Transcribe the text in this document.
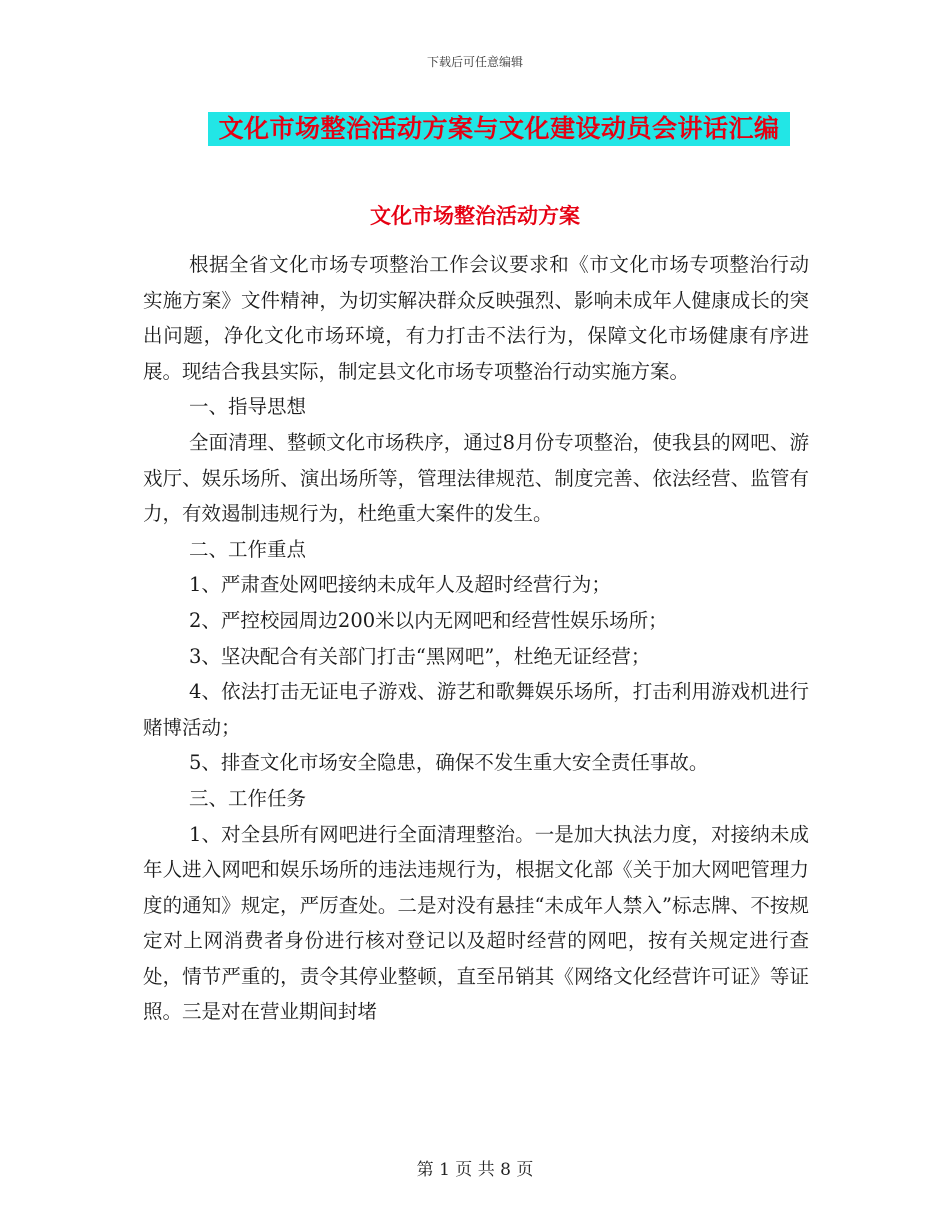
下载后可任意编辑
文化市场整治活动方案与文化建设动员会讲话汇编
文化市场整治活动方案

根据全省文化市场专项整治工作会议要求和《市文化市场专项整治行动实施方案》文件精神，为切实解决群众反映强烈、影响未成年人健康成长的突出问题，净化文化市场环境，有力打击不法行为，保障文化市场健康有序进展。现结合我县实际，制定县文化市场专项整治行动实施方案。

一、指导思想

全面清理、整顿文化市场秩序，通过8月份专项整治，使我县的网吧、游戏厅、娱乐场所、演出场所等，管理法律规范、制度完善、依法经营、监管有力，有效遏制违规行为，杜绝重大案件的发生。

二、工作重点

1、严肃查处网吧接纳未成年人及超时经营行为；

2、严控校园周边200米以内无网吧和经营性娱乐场所；

3、坚决配合有关部门打击“黑网吧”，杜绝无证经营；

4、依法打击无证电子游戏、游艺和歌舞娱乐场所，打击利用游戏机进行赌博活动；

5、排查文化市场安全隐患，确保不发生重大安全责任事故。

三、工作任务

1、对全县所有网吧进行全面清理整治。一是加大执法力度，对接纳未成年人进入网吧和娱乐场所的违法违规行为，根据文化部《关于加大网吧管理力度的通知》规定，严厉查处。二是对没有悬挂“未成年人禁入”标志牌、不按规定对上网消费者身份进行核对登记以及超时经营的网吧，按有关规定进行查处，情节严重的，责令其停业整顿，直至吊销其《网络文化经营许可证》等证照。三是对在营业期间封堵

第 1 页 共 8 页
